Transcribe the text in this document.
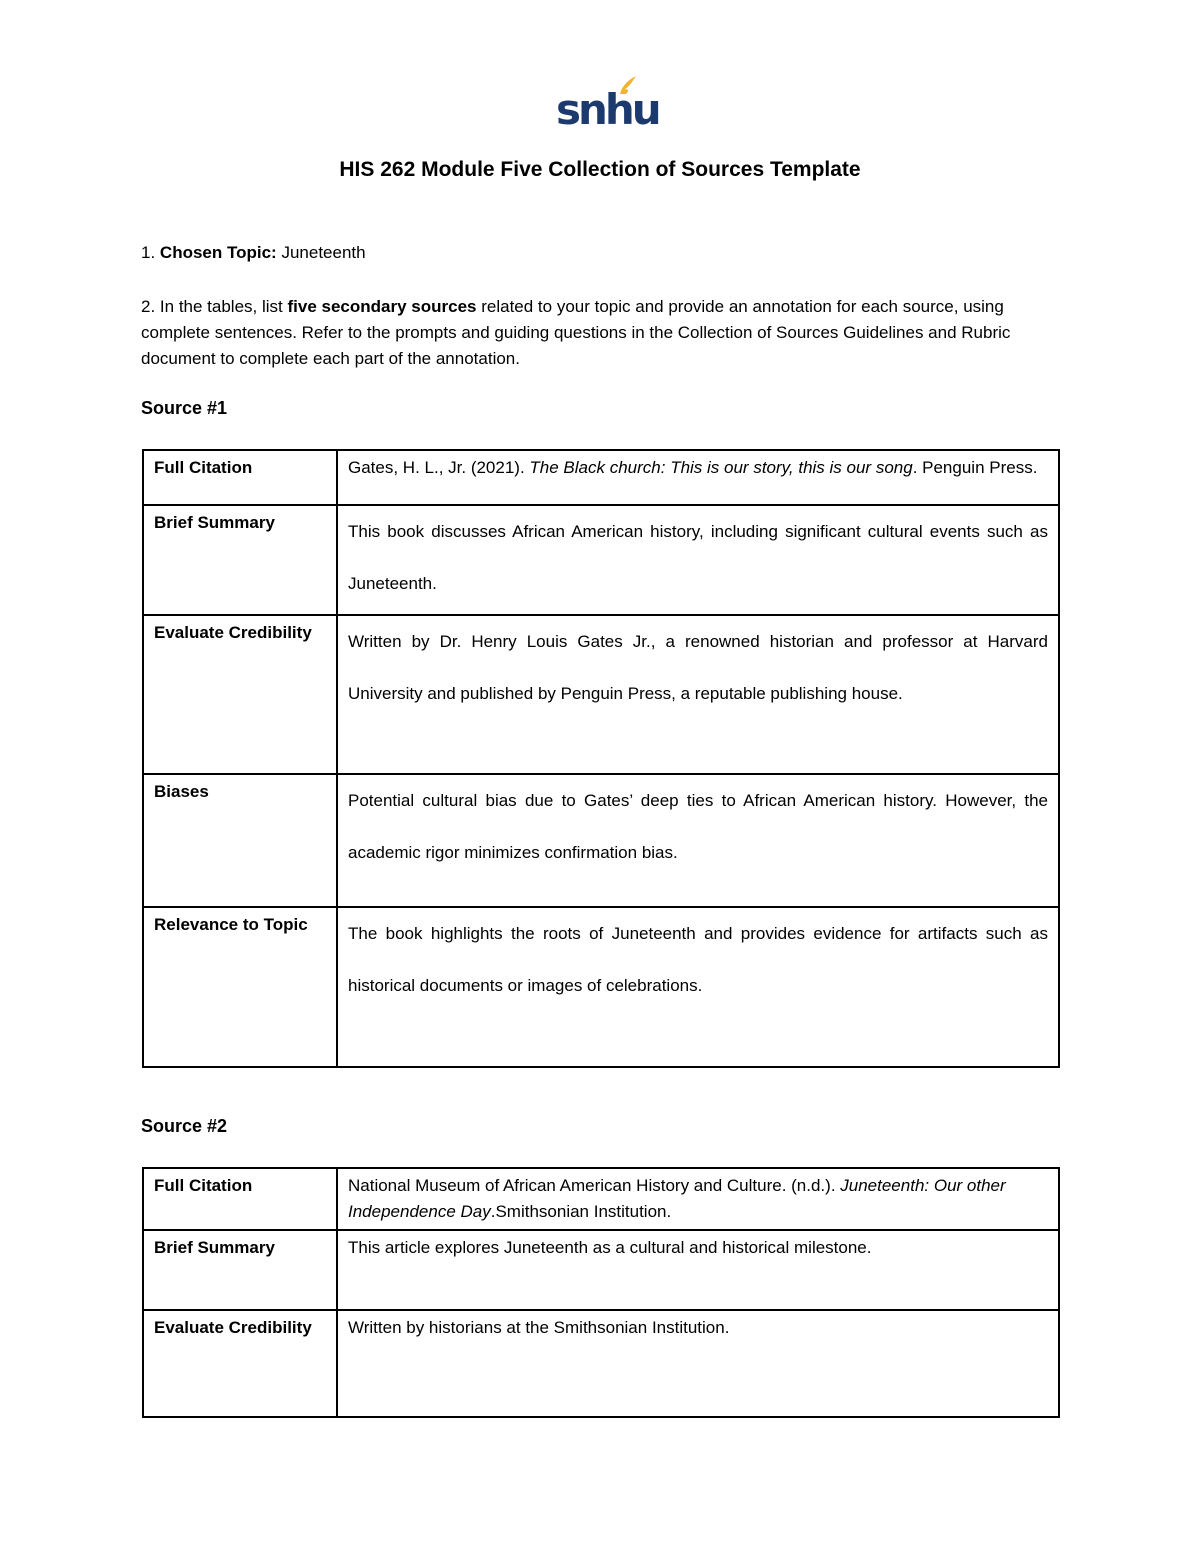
snhu
HIS 262 Module Five Collection of Sources Template
1. Chosen Topic: Juneteenth
2. In the tables, list five secondary sources related to your topic and provide an annotation for each source, using complete sentences. Refer to the prompts and guiding questions in the Collection of Sources Guidelines and Rubric document to complete each part of the annotation.
Source #1
Full Citation	Gates, H. L., Jr. (2021). The Black church: This is our story, this is our song. Penguin Press.
Brief Summary	This book discusses African American history, including significant cultural events such as Juneteenth.
Evaluate Credibility	Written by Dr. Henry Louis Gates Jr., a renowned historian and professor at Harvard University and published by Penguin Press, a reputable publishing house.
Biases	Potential cultural bias due to Gates’ deep ties to African American history. However, the academic rigor minimizes confirmation bias.
Relevance to Topic	The book highlights the roots of Juneteenth and provides evidence for artifacts such as historical documents or images of celebrations.
Source #2
Full Citation	National Museum of African American History and Culture. (n.d.). Juneteenth: Our other Independence Day.Smithsonian Institution.
Brief Summary	This article explores Juneteenth as a cultural and historical milestone.
Evaluate Credibility	Written by historians at the Smithsonian Institution.
